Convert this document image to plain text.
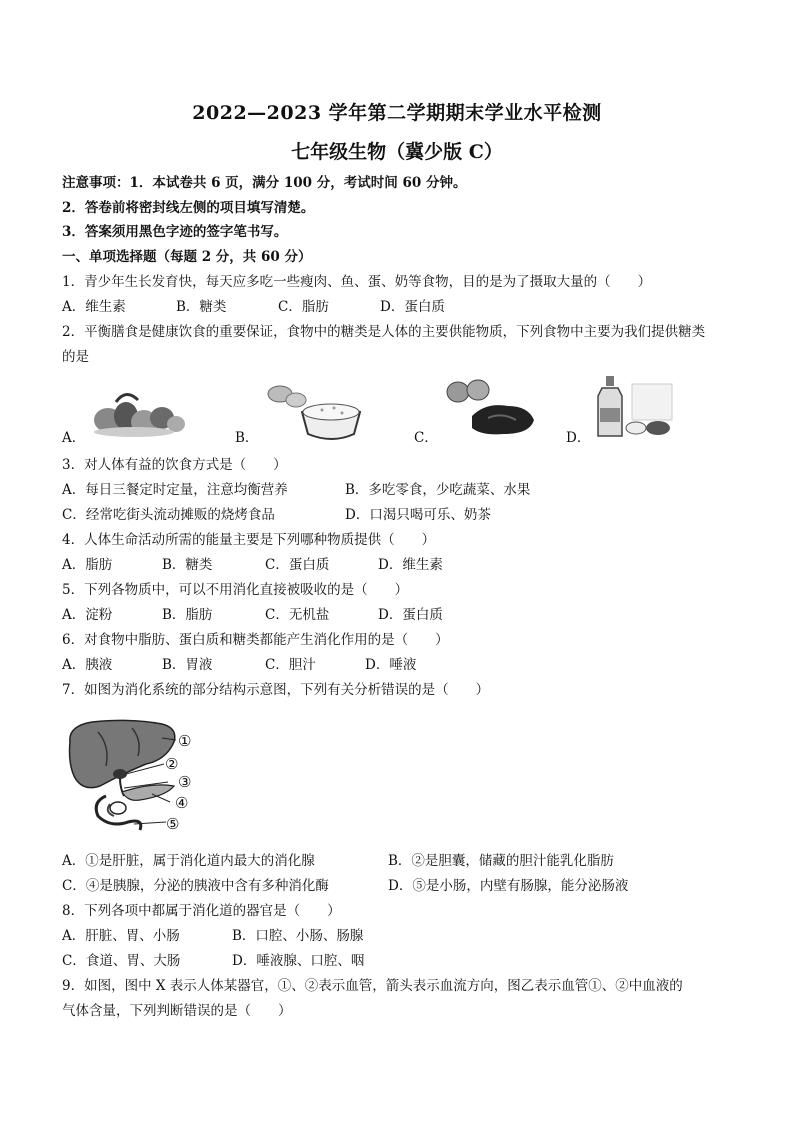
2022—2023 学年第二学期期末学业水平检测
七年级生物（冀少版 C）
注意事项：1．本试卷共 6 页，满分 100 分，考试时间 60 分钟。
2．答卷前将密封线左侧的项目填写清楚。
3．答案须用黑色字迹的签字笔书写。
一、单项选择题（每题 2 分，共 60 分）
1．青少年生长发育快，每天应多吃一些瘦肉、鱼、蛋、奶等食物，目的是为了摄取大量的（　　）
A．维生素	B．糖类	C．脂肪	D．蛋白质
2．平衡膳食是健康饮食的重要保证，食物中的糖类是人体的主要供能物质，下列食物中主要为我们提供糖类
的是
A．	B．	C．	D．
3．对人体有益的饮食方式是（　　）
A．每日三餐定时定量，注意均衡营养	B．多吃零食，少吃蔬菜、水果
C．经常吃街头流动摊贩的烧烤食品	D．口渴只喝可乐、奶茶
4．人体生命活动所需的能量主要是下列哪种物质提供（　　）
A．脂肪	B．糖类	C．蛋白质	D．维生素
5．下列各物质中，可以不用消化直接被吸收的是（　　）
A．淀粉	B．脂肪	C．无机盐	D．蛋白质
6．对食物中脂肪、蛋白质和糖类都能产生消化作用的是（　　）
A．胰液	B．胃液	C．胆汁	D．唾液
7．如图为消化系统的部分结构示意图，下列有关分析错误的是（　　）
①
②
③
④
⑤
A．①是肝脏，属于消化道内最大的消化腺	B．②是胆囊，储藏的胆汁能乳化脂肪
C．④是胰腺，分泌的胰液中含有多种消化酶	D．⑤是小肠，内壁有肠腺，能分泌肠液
8．下列各项中都属于消化道的器官是（　　）
A．肝脏、胃、小肠	B．口腔、小肠、肠腺
C．食道、胃、大肠	D．唾液腺、口腔、咽
9．如图，图中 X 表示人体某器官，①、②表示血管，箭头表示血流方向，图乙表示血管①、②中血液的
气体含量，下列判断错误的是（　　）
